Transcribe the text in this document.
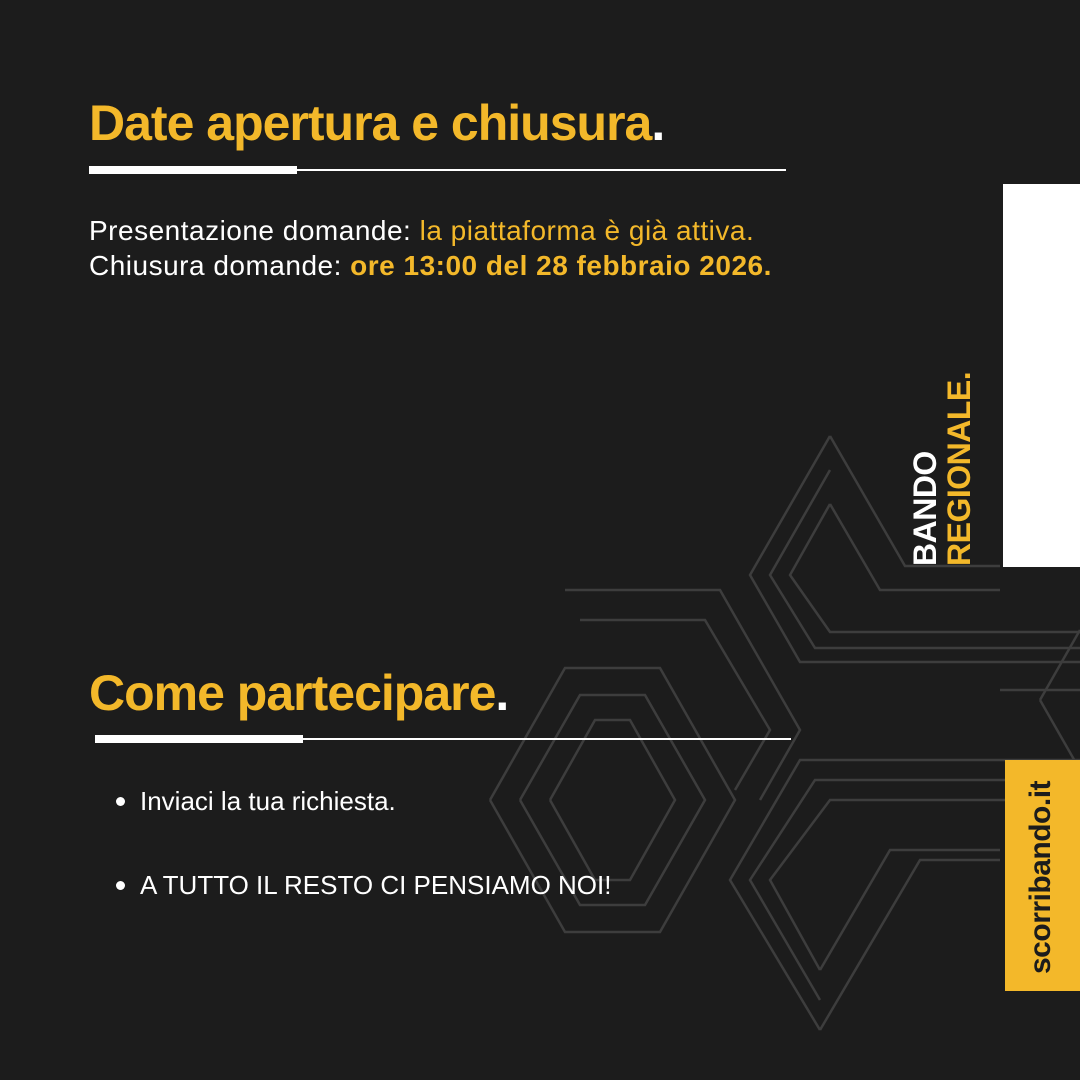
Date apertura e chiusura.

Presentazione domande: la piattaforma è già attiva.

Chiusura domande: ore 13:00 del 28 febbraio 2026.

Come partecipare.
Inviaci la tua richiesta.
A TUTTO IL RESTO CI PENSIAMO NOI!
BANDO
REGIONALE.
scorribando.it
